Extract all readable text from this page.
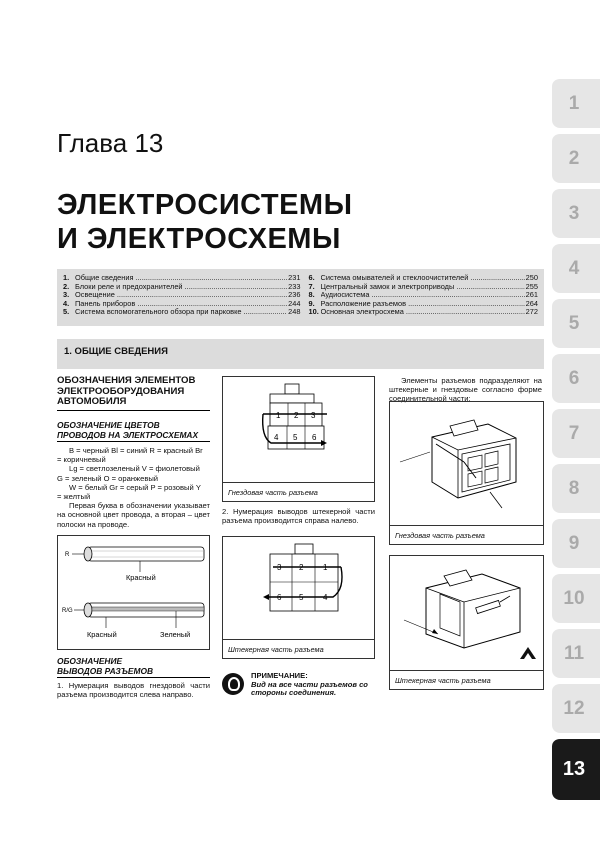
1
2
3
4
5
6
7
8
9
10
11
12
13
Глава 13
ЭЛЕКТРОСИСТЕМЫ
И ЭЛЕКТРОСХЕМЫ
1. Общие сведения .....	231
2. Блоки реле и предохранителей .....	233
3. Освещение .....	236
4. Панель приборов .....	244
5. Система вспомогательного обзора при парковке .....	248
6. Система омывателей и стеклоочистителей .....	250
7. Центральный замок и электроприводы .....	255
8. Аудиосистема .....	261
9. Расположение разъемов .....	264
10. Основная электросхема .....	272
1. ОБЩИЕ СВЕДЕНИЯ
ОБОЗНАЧЕНИЯ ЭЛЕМЕНТОВ
ЭЛЕКТРООБОРУДОВАНИЯ
АВТОМОБИЛЯ
ОБОЗНАЧЕНИЕ ЦВЕТОВ
ПРОВОДОВ НА ЭЛЕКТРОСХЕМАХ
B = черный Bl = синий R = красный Br
= коричневый
Lg = светлозеленый V = фиолетовый
G = зеленый O = оранжевый
W = белый Gr = серый P = розовый Y
= желтый
Первая буква в обозначении указывает на основной цвет провода, а вторая – цвет полоски на проводе.
R
Красный
R/G
Красный	Зеленый
ОБОЗНАЧЕНИЕ
ВЫВОДОВ РАЗЪЕМОВ
1. Нумерация выводов гнездовой части разъема производится слева направо.
1 2 3
4 5 6
Гнездовая часть разъема
2. Нумерация выводов штекерной части разъема производится справа налево.
3 2 1
6 5 4
Штекерная часть разъема
ПРИМЕЧАНИЕ:
Вид на все части разъемов со стороны соединения.
Элементы разъемов подразделяют на штекерные и гнездовые согласно форме соединительной части:
Гнездовая часть разъема
Штекерная часть разъема
